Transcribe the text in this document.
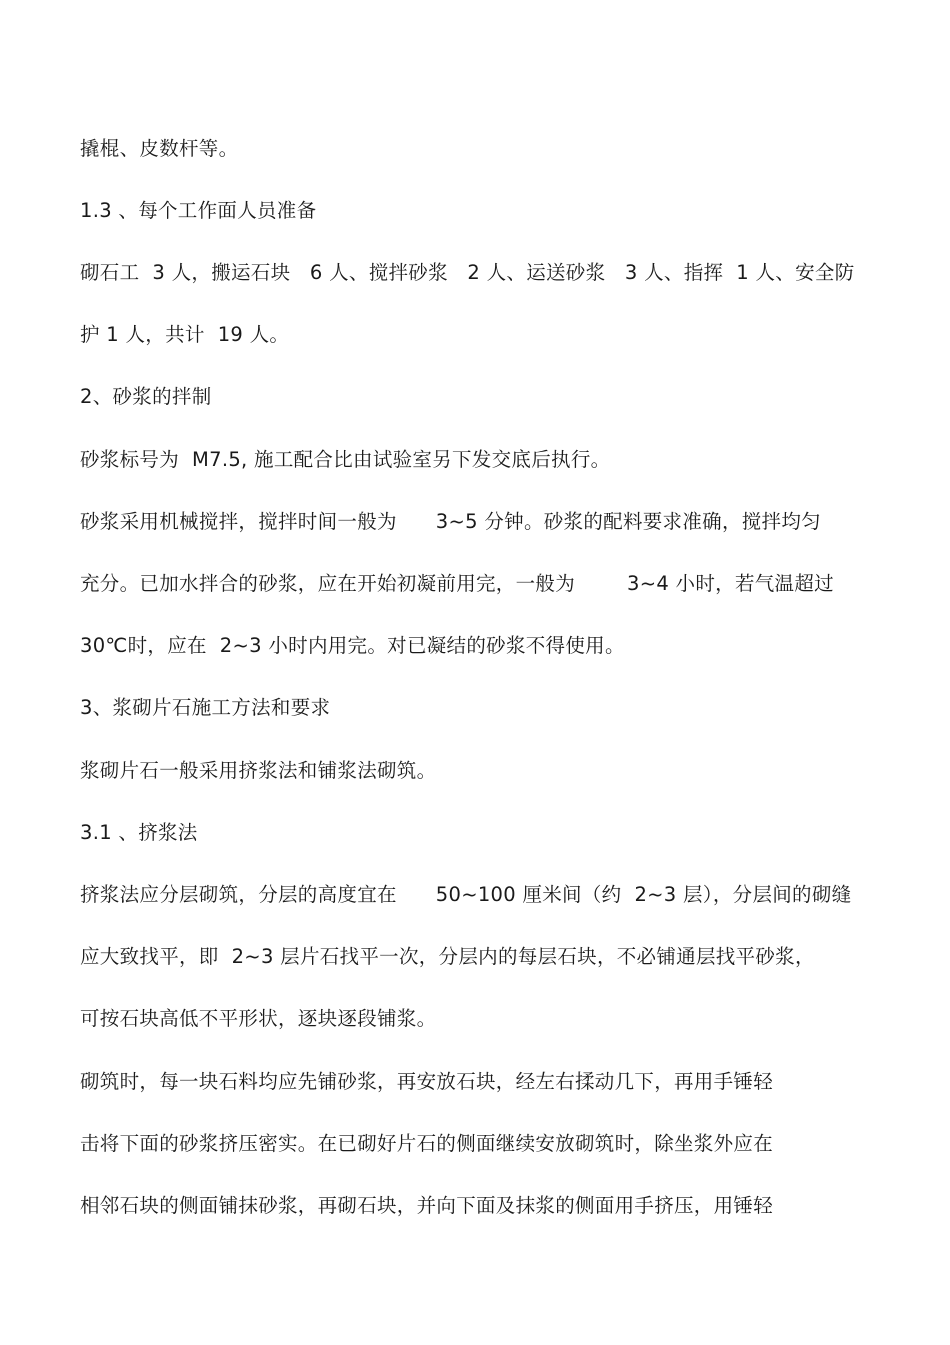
撬棍、皮数杆等。
1.3 、每个工作面人员准备
砌石工  3 人，搬运石块   6 人、搅拌砂浆   2 人、运送砂浆   3 人、指挥  1 人、安全防
护 1 人，共计  19 人。
2、砂浆的拌制
砂浆标号为  M7.5, 施工配合比由试验室另下发交底后执行。
砂浆采用机械搅拌，搅拌时间一般为      3~5 分钟。砂浆的配料要求准确，搅拌均匀
充分。已加水拌合的砂浆，应在开始初凝前用完，一般为        3~4 小时，若气温超过
30℃时，应在  2~3 小时内用完。对已凝结的砂浆不得使用。
3、浆砌片石施工方法和要求
浆砌片石一般采用挤浆法和铺浆法砌筑。
3.1 、挤浆法
挤浆法应分层砌筑，分层的高度宜在      50~100 厘米间（约  2~3 层），分层间的砌缝
应大致找平，即  2~3 层片石找平一次，分层内的每层石块，不必铺通层找平砂浆，
可按石块高低不平形状，逐块逐段铺浆。
砌筑时，每一块石料均应先铺砂浆，再安放石块，经左右揉动几下，再用手锤轻
击将下面的砂浆挤压密实。在已砌好片石的侧面继续安放砌筑时，除坐浆外应在
相邻石块的侧面铺抹砂浆，再砌石块，并向下面及抹浆的侧面用手挤压，用锤轻
